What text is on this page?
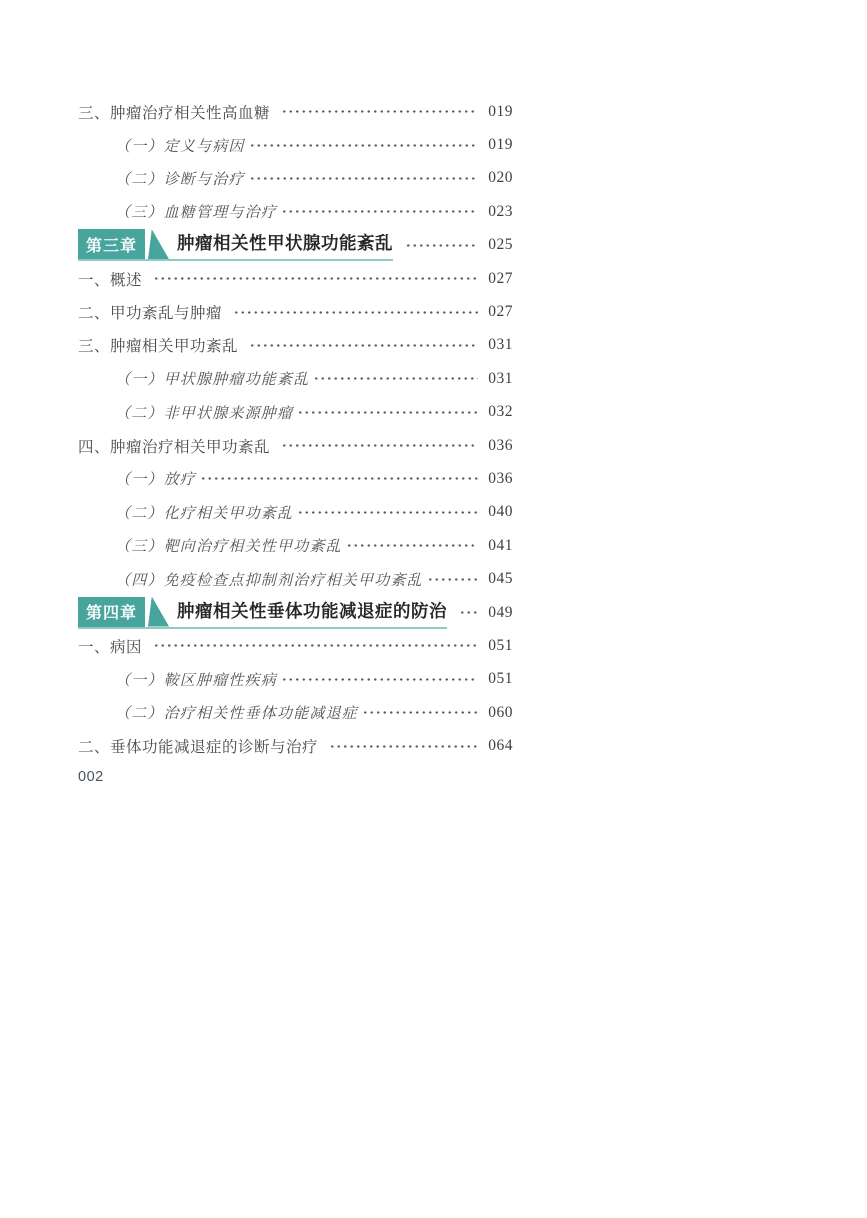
三、肿瘤治疗相关性高血糖	019
（一）定义与病因	019
（二）诊断与治疗	020
（三）血糖管理与治疗	023
第三章 肿瘤相关性甲状腺功能紊乱	025
一、概述	027
二、甲功紊乱与肿瘤	027
三、肿瘤相关甲功紊乱	031
（一）甲状腺肿瘤功能紊乱	031
（二）非甲状腺来源肿瘤	032
四、肿瘤治疗相关甲功紊乱	036
（一）放疗	036
（二）化疗相关甲功紊乱	040
（三）靶向治疗相关性甲功紊乱	041
（四）免疫检查点抑制剂治疗相关甲功紊乱	045
第四章 肿瘤相关性垂体功能减退症的防治	049
一、病因	051
（一）鞍区肿瘤性疾病	051
（二）治疗相关性垂体功能减退症	060
二、垂体功能减退症的诊断与治疗	064
002
